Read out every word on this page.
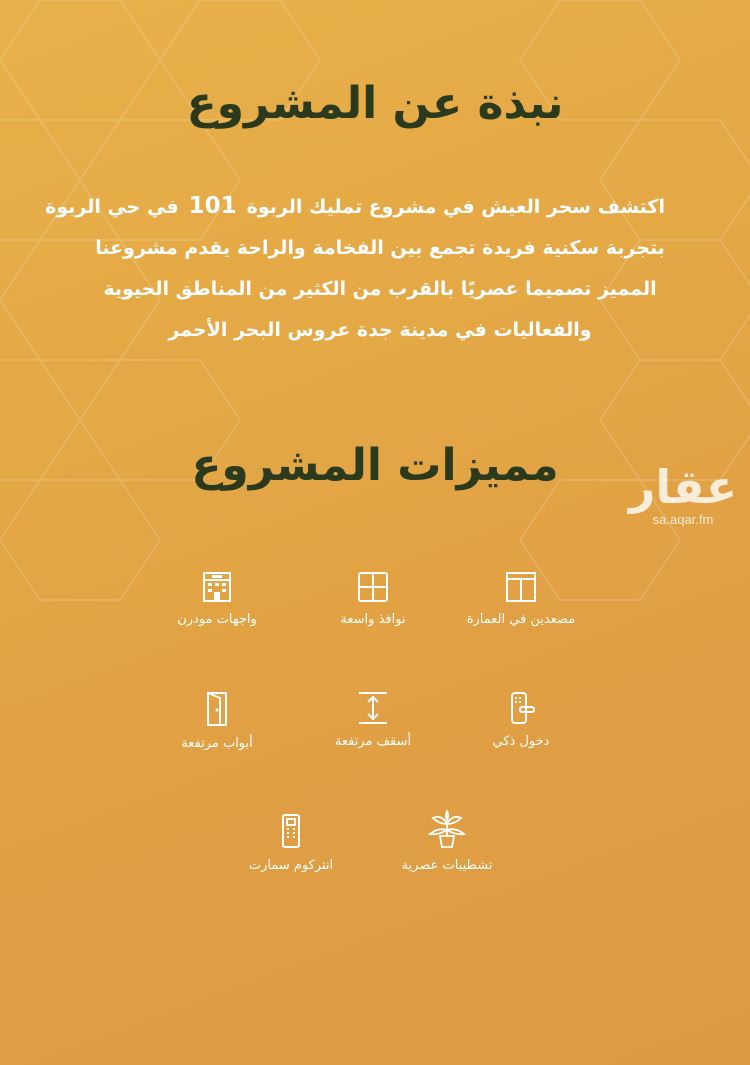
نبذة عن المشروع

اكتشف سحر العيش في مشروع تمليك الربوة101في حي الربوة
بتجربة سكنية فريدة تجمع بين الفخامة والراحة يقدم مشروعنا
المميز تصميما عصريًا بالقرب من الكثير من المناطق الحيوية
والفعاليات في مدينة جدة عروس البحر الأحمر

مميزات المشروع	عقار
sa.aqar.fm
مصعدين في العمارة
نوافذ واسعة
واجهات مودرن
دخول ذكي
أسقف مرتفعة
أبواب مرتفعة
تشطيبات عصرية
انتركوم سمارت
